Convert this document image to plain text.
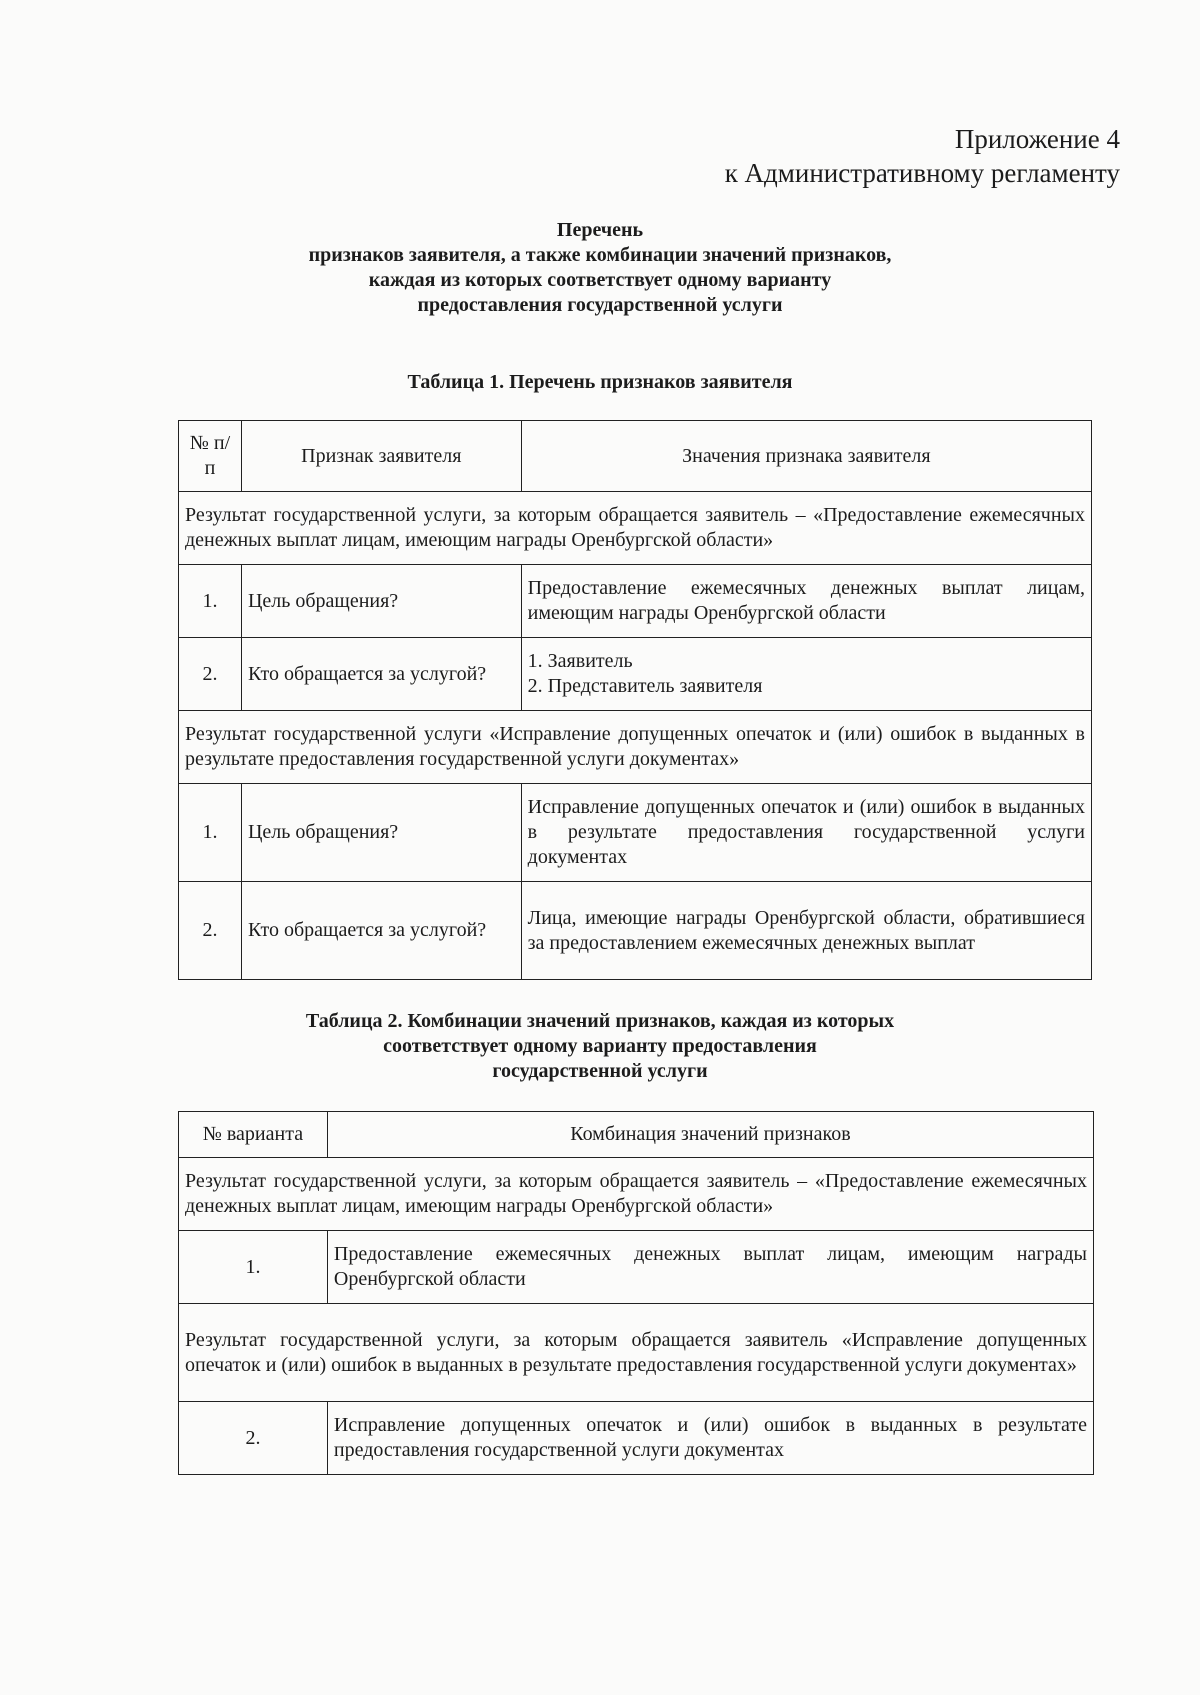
Приложение 4
к Административному регламенту
Перечень
признаков заявителя, а также комбинации значений признаков,
каждая из которых соответствует одному варианту
предоставления государственной услуги
Таблица 1. Перечень признаков заявителя
№ п/п	Признак заявителя	Значения признака заявителя
Результат государственной услуги, за которым обращается заявитель – «Предоставление ежемесячных денежных выплат лицам, имеющим награды Оренбургской области»		
1.	Цель обращения?	Предоставление ежемесячных денежных выплат лицам, имеющим награды Оренбургской области

2.	Кто обращается за услугой?	1. Заявитель
2. Представитель заявителя

Результат государственной услуги «Исправление допущенных опечаток и (или) ошибок в выданных в результате предоставления государственной услуги документах»		
1.	Цель обращения?	Исправление допущенных опечаток и (или) ошибок в выданных в результате предоставления государственной услуги документах

2.	Кто обращается за услугой?	Лица, имеющие награды Оренбургской области, обратившиеся за предоставлением ежемесячных денежных выплат
Таблица 2. Комбинации значений признаков, каждая из которых
соответствует одному варианту предоставления
государственной услуги
№ варианта	Комбинация значений признаков
Результат государственной услуги, за которым обращается заявитель – «Предоставление ежемесячных денежных выплат лицам, имеющим награды Оренбургской области»	
1.	Предоставление ежемесячных денежных выплат лицам, имеющим награды Оренбургской области
Результат государственной услуги, за которым обращается заявитель «Исправление допущенных опечаток и (или) ошибок в выданных в результате предоставления государственной услуги документах»	
2.	Исправление допущенных опечаток и (или) ошибок в выданных в результате предоставления государственной услуги документах
